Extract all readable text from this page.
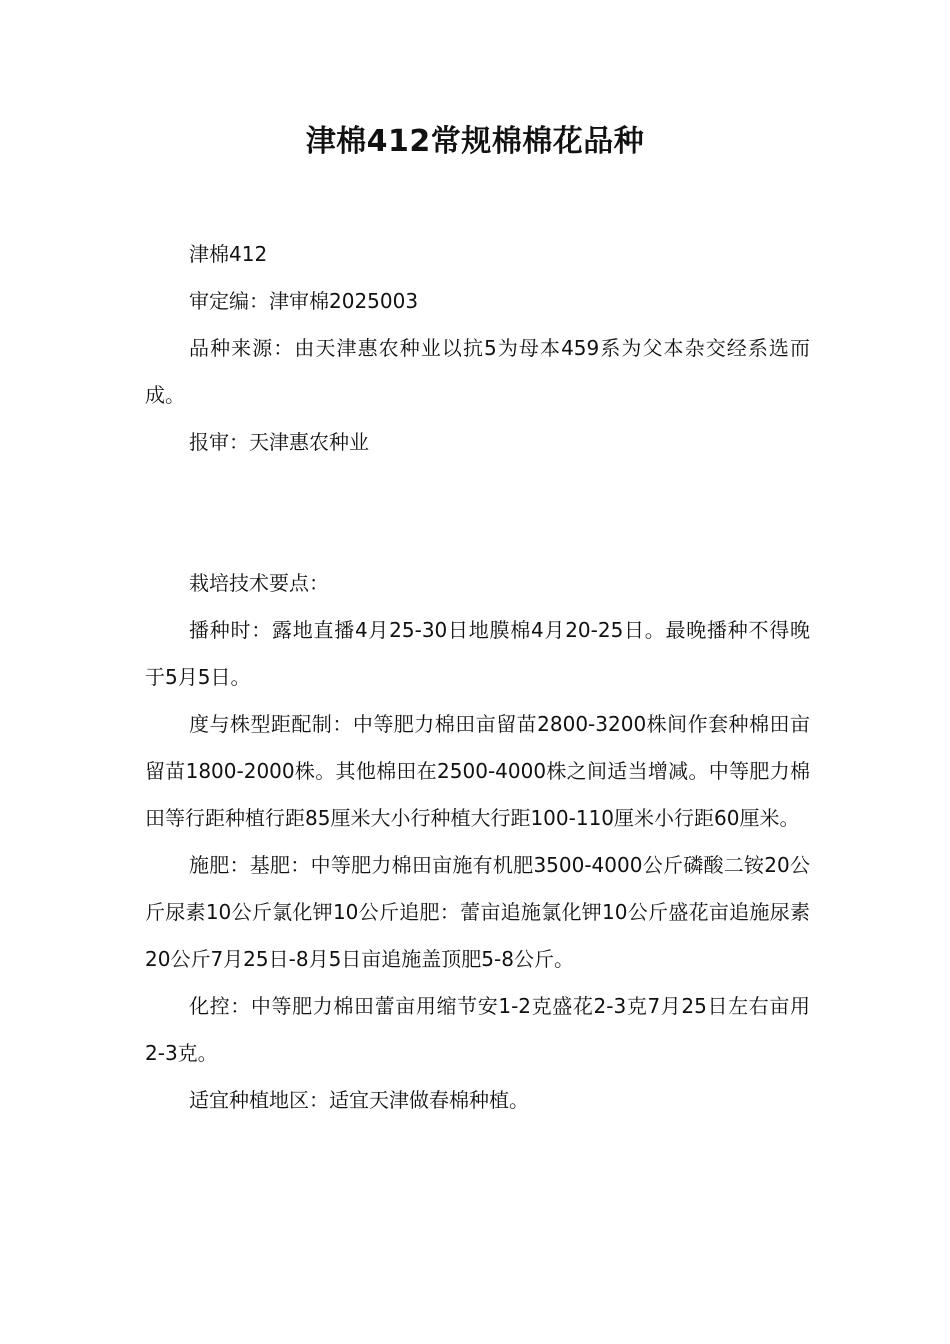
津棉412常规棉棉花品种

津棉412

审定编：津审棉2025003

品种来源：由天津惠农种业以抗5为母本459系为父本杂交经系选而成。

报审：天津惠农种业

栽培技术要点：

播种时：露地直播4月25-30日地膜棉4月20-25日。最晚播种不得晚于5月5日。

度与株型距配制：中等肥力棉田亩留苗2800-3200株间作套种棉田亩留苗1800-2000株。其他棉田在2500-4000株之间适当增减。中等肥力棉田等行距种植行距85厘米大小行种植大行距100-110厘米小行距60厘米。

施肥：基肥：中等肥力棉田亩施有机肥3500-4000公斤磷酸二铵20公斤尿素10公斤氯化钾10公斤追肥：蕾亩追施氯化钾10公斤盛花亩追施尿素20公斤7月25日-8月5日亩追施盖顶肥5-8公斤。

化控：中等肥力棉田蕾亩用缩节安1-2克盛花2-3克7月25日左右亩用2-3克。

适宜种植地区：适宜天津做春棉种植。
